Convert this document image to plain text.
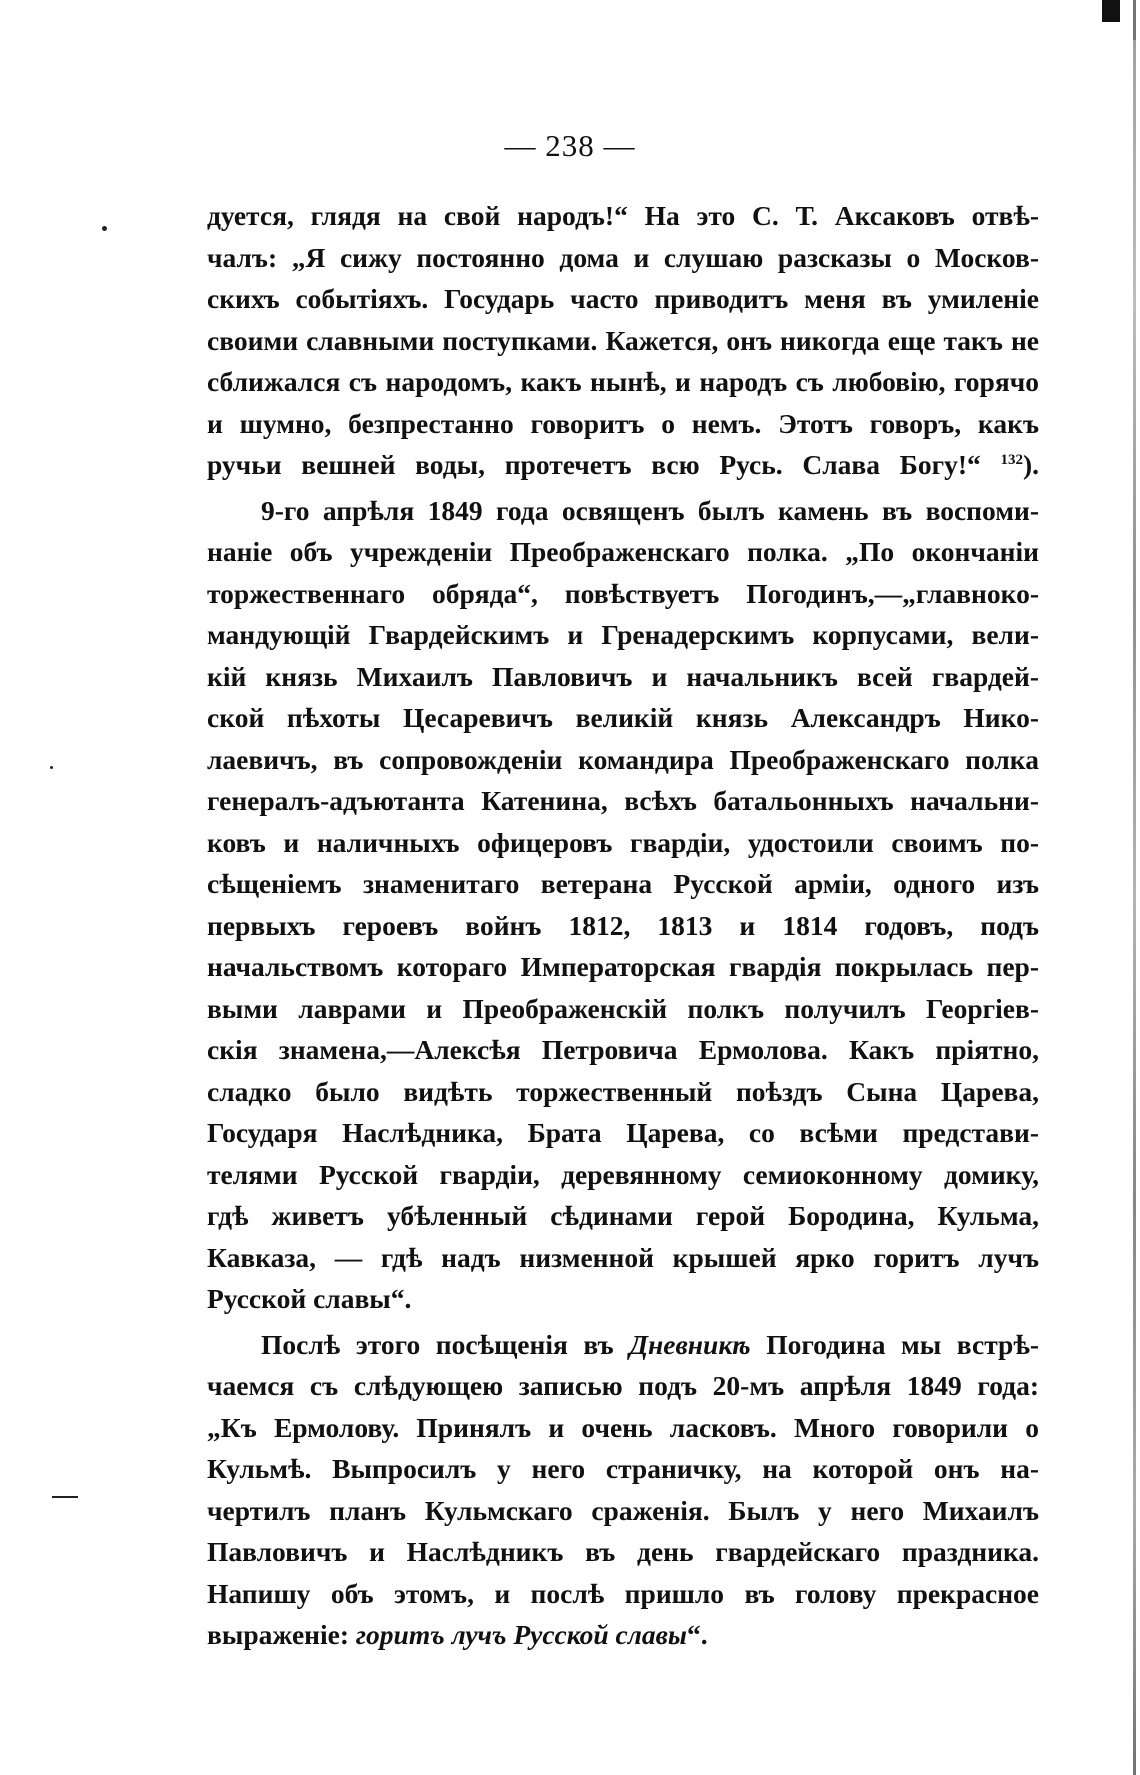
— 238 —
дуется, глядя на свой народъ!“ На это С. Т. Аксаковъ отвѣ-
чалъ: „Я сижу постоянно дома и слушаю разсказы о Москов-
скихъ событіяхъ. Государь часто приводитъ меня въ умиленіе
своими славными поступками. Кажется, онъ никогда еще такъ не
сближался съ народомъ, какъ нынѣ, и народъ съ любовію, горячо
и шумно, безпрестанно говоритъ о немъ. Этотъ говоръ, какъ
ручьи вешней воды, протечетъ всю Русь. Слава Богу!“ $^{132}$).
9-го апрѣля 1849 года освященъ былъ камень въ воспоми-
наніе объ учрежденіи Преображенскаго полка. „По окончаніи
торжественнаго обряда“, повѣствуетъ Погодинъ,—„главноко-
мандующій Гвардейскимъ и Гренадерскимъ корпусами, вели-
кій князь Михаилъ Павловичъ и начальникъ всей гвардей-
ской пѣхоты Цесаревичъ великій князь Александръ Нико-
лаевичъ, въ сопровожденіи командира Преображенскаго полка
генералъ-адъютанта Катенина, всѣхъ батальонныхъ начальни-
ковъ и наличныхъ офицеровъ гвардіи, удостоили своимъ по-
сѣщеніемъ знаменитаго ветерана Русской арміи, одного изъ
первыхъ героевъ войнъ 1812, 1813 и 1814 годовъ, подъ
начальствомъ котораго Императорская гвардія покрылась пер-
выми лаврами и Преображенскій полкъ получилъ Георгіев-
скія знамена,—Алексѣя Петровича Ермолова. Какъ пріятно,
сладко было видѣть торжественный поѣздъ Сына Царева,
Государя Наслѣдника, Брата Царева, со всѣми представи-
телями Русской гвардіи, деревянному семиоконному домику,
гдѣ живетъ убѣленный сѣдинами герой Бородина, Кульма,
Кавказа, — гдѣ надъ низменной крышей ярко горитъ лучъ
Русской славы“.
Послѣ этого посѣщенія въ Дневникѣ Погодина мы встрѣ-
чаемся съ слѣдующею записью подъ 20-мъ апрѣля 1849 года:
„Къ Ермолову. Принялъ и очень ласковъ. Много говорили о
Кульмѣ. Выпросилъ у него страничку, на которой онъ на-
чертилъ планъ Кульмскаго сраженія. Былъ у него Михаилъ
Павловичъ и Наслѣдникъ въ день гвардейскаго праздника.
Напишу объ этомъ, и послѣ пришло въ голову прекрасное
выраженіе: горитъ лучъ Русской славы“.
